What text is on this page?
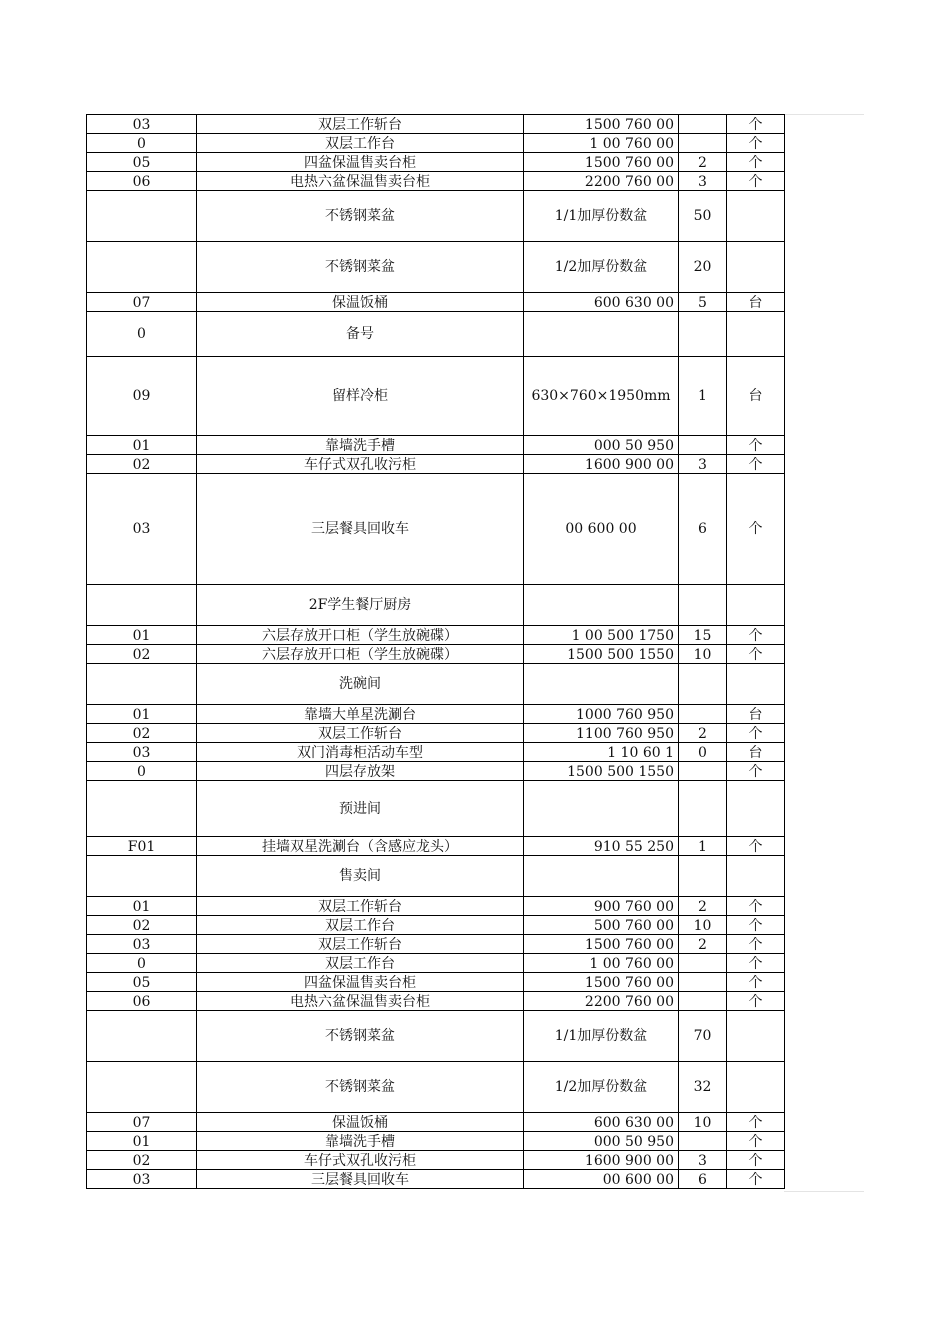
03	双层工作斩台	1500 760 00		个
0	双层工作台	1 00 760 00		个
05	四盆保温售卖台柜	1500 760 00	2	个
06	电热六盆保温售卖台柜	2200 760 00	3	个
	不锈钢菜盆	1/1加厚份数盆	50	
	不锈钢菜盆	1/2加厚份数盆	20	
07	保温饭桶	600 630 00	5	台
0	备号			
09	留样冷柜	630×760×1950mm	1	台
01	靠墙洗手槽	000 50 950		个
02	车仔式双孔收污柜	1600 900 00	3	个
03	三层餐具回收车	00 600 00	6	个
	2F学生餐厅厨房			
01	六层存放开口柜（学生放碗碟）	1 00 500 1750	15	个
02	六层存放开口柜（学生放碗碟）	1500 500 1550	10	个
	洗碗间			
01	靠墙大单星洗涮台	1000 760 950		台
02	双层工作斩台	1100 760 950	2	个
03	双门消毒柜活动车型	1 10 60 1	0	台
0	四层存放架	1500 500 1550		个
	预进间			
F01	挂墙双星洗涮台（含感应龙头）	910 55 250	1	个
	售卖间			
01	双层工作斩台	900 760 00	2	个
02	双层工作台	500 760 00	10	个
03	双层工作斩台	1500 760 00	2	个
0	双层工作台	1 00 760 00		个
05	四盆保温售卖台柜	1500 760 00		个
06	电热六盆保温售卖台柜	2200 760 00		个
	不锈钢菜盆	1/1加厚份数盆	70	
	不锈钢菜盆	1/2加厚份数盆	32	
07	保温饭桶	600 630 00	10	个
01	靠墙洗手槽	000 50 950		个
02	车仔式双孔收污柜	1600 900 00	3	个
03	三层餐具回收车	00 600 00	6	个
